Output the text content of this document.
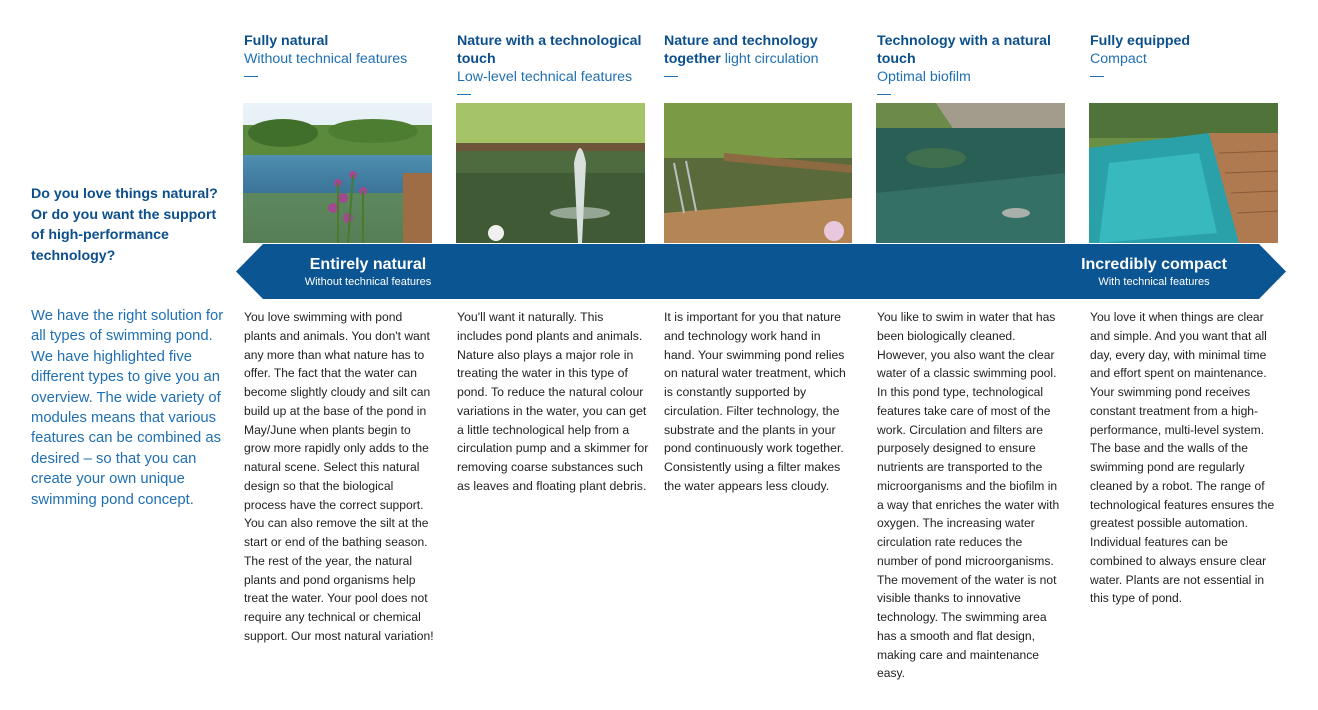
Do you love things natural? Or do you want the support of high-performance technology?
We have the right solution for all types of swimming pond. We have highlighted five different types to give you an overview. The wide variety of modules means that various features can be combined as desired – so that you can create your own unique swimming pond concept.
Fully natural
Without technical features
Nature with a technological touch
Low-level technical features
Nature and technology together light circulation
Technology with a natural touch
Optimal biofilm
Fully equipped
Compact
Entirely natural
Without technical features
Incredibly compact
With technical features
You love swimming with pond plants and animals. You don't want any more than what nature has to offer. The fact that the water can become slightly cloudy and silt can build up at the base of the pond in May/June when plants begin to grow more rapidly only adds to the natural scene. Select this natural design so that the biological process have the correct support. You can also remove the silt at the start or end of the bathing season. The rest of the year, the natural plants and pond organisms help treat the water. Your pool does not require any technical or chemical support. Our most natural variation!
You'll want it naturally. This includes pond plants and animals. Nature also plays a major role in treating the water in this type of pond. To reduce the natural colour variations in the water, you can get a little technological help from a circulation pump and a skimmer for removing coarse substances such as leaves and floating plant debris.
It is important for you that nature and technology work hand in hand. Your swimming pond relies on natural water treatment, which is constantly supported by circulation. Filter technology, the substrate and the plants in your pond continuously work together. Consistently using a filter makes the water appears less cloudy.
You like to swim in water that has been biologically cleaned. However, you also want the clear water of a classic swimming pool. In this pond type, technological features take care of most of the work. Circulation and filters are purposely designed to ensure nutrients are transported to the microorganisms and the biofilm in a way that enriches the water with oxygen. The increasing water circulation rate reduces the number of pond microorganisms. The movement of the water is not visible thanks to innovative technology. The swimming area has a smooth and flat design, making care and maintenance easy.
You love it when things are clear and simple. And you want that all day, every day, with minimal time and effort spent on maintenance. Your swimming pond receives constant treatment from a high-performance, multi-level system. The base and the walls of the swimming pond are regularly cleaned by a robot. The range of technological features ensures the greatest possible automation. Individual features can be combined to always ensure clear water. Plants are not essential in this type of pond.
